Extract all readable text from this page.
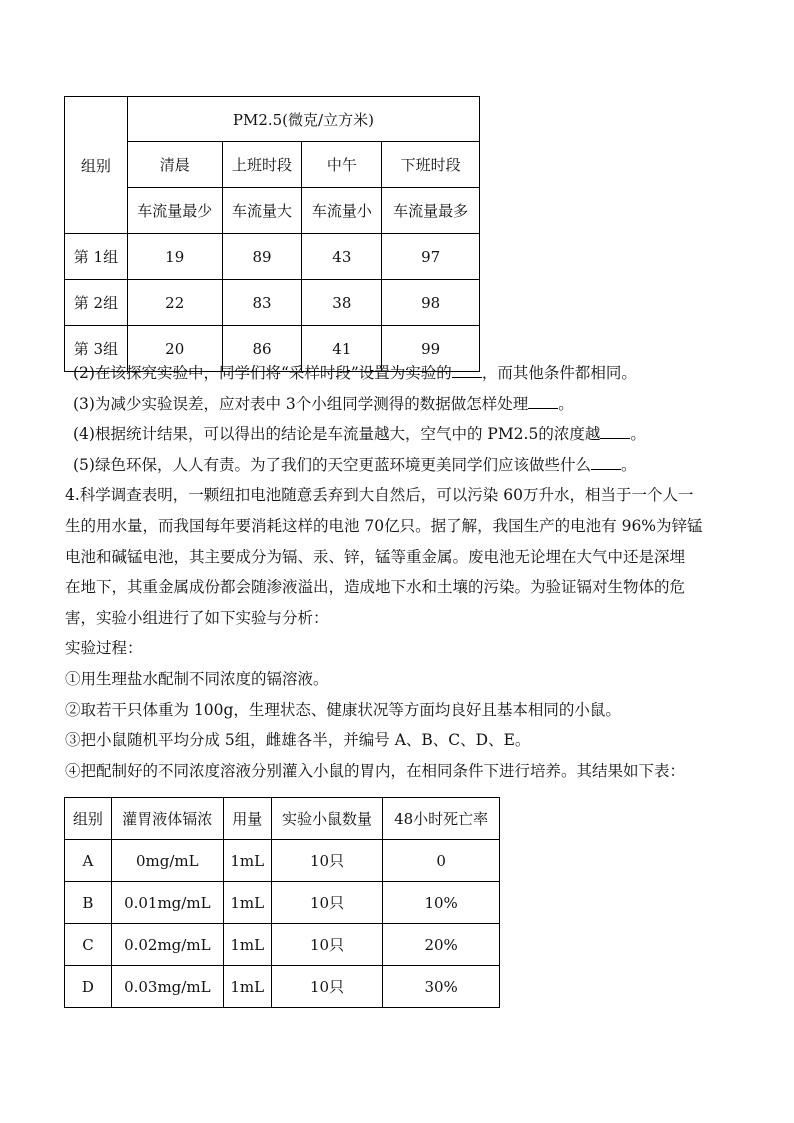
组别	PM2.5(微克/立方米)			
	清晨	上班时段	中午	下班时段
	车流量最少	车流量大	车流量小	车流量最多
第 1组	19	89	43	97
第 2组	22	83	38	98
第 3组	20	86	41	99

(2)在该探究实验中，同学们将“采样时段”设置为实验的 ，而其他条件都相同。

(3)为减少实验误差，应对表中 3个小组同学测得的数据做怎样处理 。

(4)根据统计结果，可以得出的结论是车流量越大，空气中的 PM2.5的浓度越 。

(5)绿色环保，人人有责。为了我们的天空更蓝环境更美同学们应该做些什么 。

4.科学调查表明，一颗纽扣电池随意丢弃到大自然后，可以污染 60万升水，相当于一个人一

生的用水量，而我国每年要消耗这样的电池 70亿只。据了解，我国生产的电池有 96%为锌锰

电池和碱锰电池，其主要成分为镉、汞、锌，锰等重金属。废电池无论埋在大气中还是深埋

在地下，其重金属成份都会随渗液溢出，造成地下水和土壤的污染。为验证镉对生物体的危

害，实验小组进行了如下实验与分析：

实验过程：

①用生理盐水配制不同浓度的镉溶液。

②取若干只体重为 100g，生理状态、健康状况等方面均良好且基本相同的小鼠。

③把小鼠随机平均分成 5组，雌雄各半，并编号 A、B、C、D、E。

④把配制好的不同浓度溶液分别灌入小鼠的胃内，在相同条件下进行培养。其结果如下表：

组别	灌胃液体镉浓	用量	实验小鼠数量	48小时死亡率
A	0mg/mL	1mL	10只	0
B	0.01mg/mL	1mL	10只	10%
C	0.02mg/mL	1mL	10只	20%
D	0.03mg/mL	1mL	10只	30%
